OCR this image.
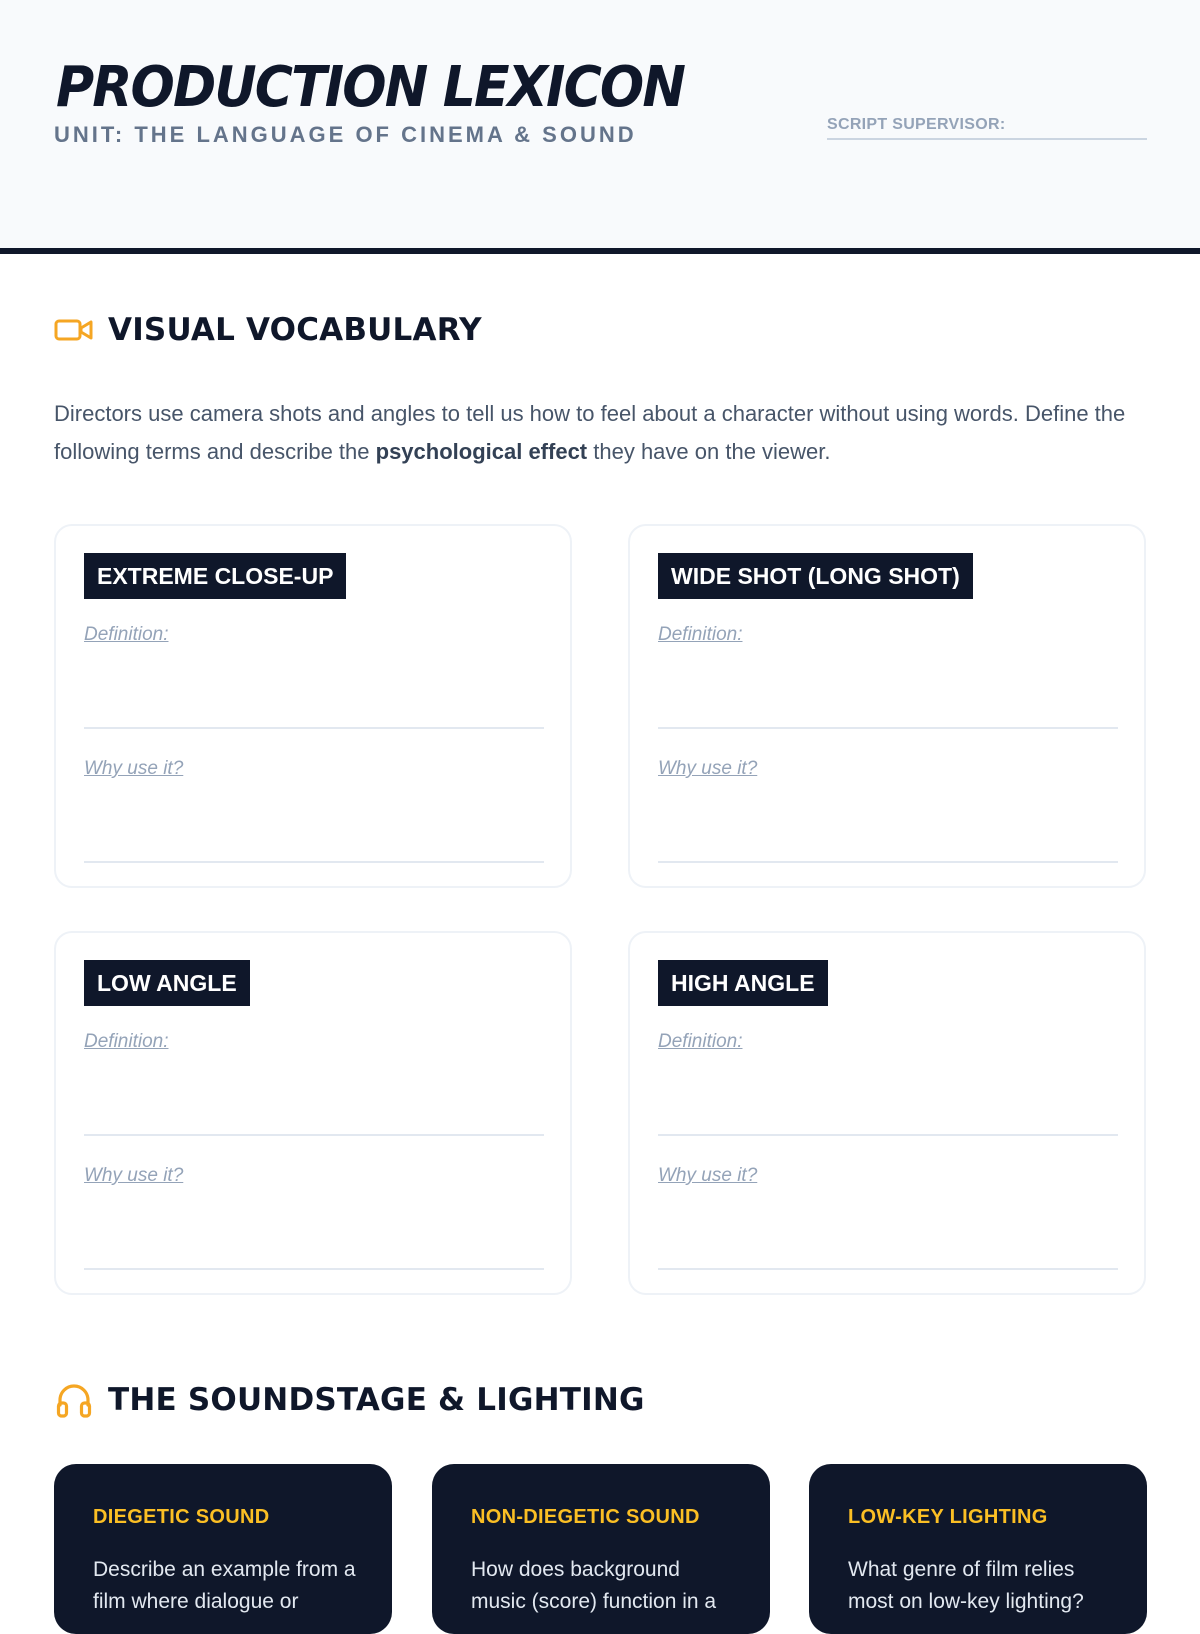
PRODUCTION LEXICON
UNIT: THE LANGUAGE OF CINEMA & SOUND	SCRIPT SUPERVISOR:
VISUAL VOCABULARY

Directors use camera shots and angles to tell us how to feel about a character without using words. Define the following terms and describe the psychological effect they have on the viewer.

EXTREME CLOSE-UP
Definition:
Why use it?
WIDE SHOT (LONG SHOT)
Definition:
Why use it?
LOW ANGLE
Definition:
Why use it?
HIGH ANGLE
Definition:
Why use it?
THE SOUNDSTAGE & LIGHTING
DIEGETIC SOUND
Describe an example from a film where dialogue or
NON-DIEGETIC SOUND
How does background music (score) function in a
LOW-KEY LIGHTING
What genre of film relies most on low-key lighting?
